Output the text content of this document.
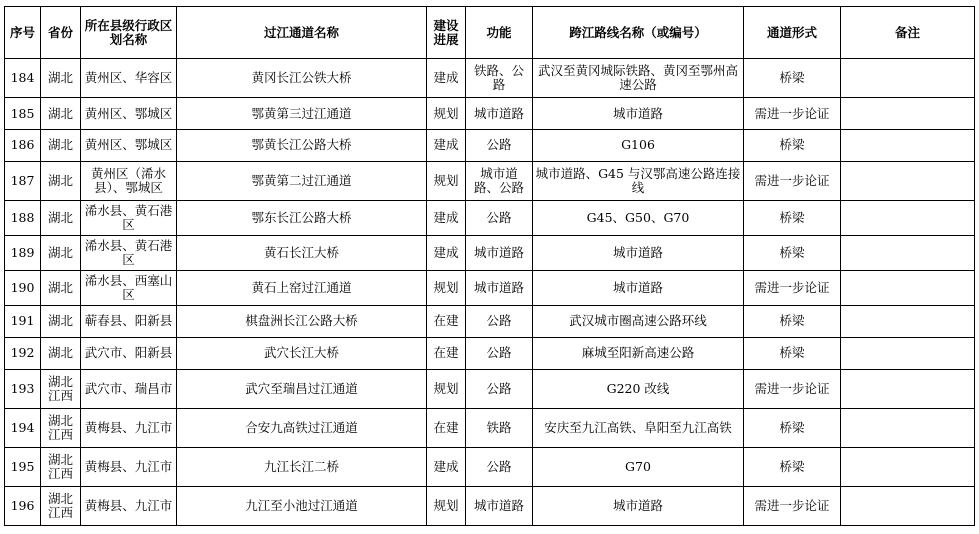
序号	省份	所在县级行政区划名称	过江通道名称	建设进展	功能	跨江路线名称（或编号）	通道形式	备注
184	湖北	黄州区、华容区	黄冈长江公铁大桥	建成	铁路、公路	武汉至黄冈城际铁路、黄冈至鄂州高速公路	桥梁	
185	湖北	黄州区、鄂城区	鄂黄第三过江通道	规划	城市道路	城市道路	需进一步论证	
186	湖北	黄州区、鄂城区	鄂黄长江公路大桥	建成	公路	G106	桥梁	
187	湖北	黄州区（浠水县）、鄂城区	鄂黄第二过江通道	规划	城市道路、公路	城市道路、G45 与汉鄂高速公路连接线	需进一步论证	
188	湖北	浠水县、黄石港区	鄂东长江公路大桥	建成	公路	G45、G50、G70	桥梁	
189	湖北	浠水县、黄石港区	黄石长江大桥	建成	城市道路	城市道路	桥梁	
190	湖北	浠水县、西塞山区	黄石上窑过江通道	规划	城市道路	城市道路	需进一步论证	
191	湖北	蕲春县、阳新县	棋盘洲长江公路大桥	在建	公路	武汉城市圈高速公路环线	桥梁	
192	湖北	武穴市、阳新县	武穴长江大桥	在建	公路	麻城至阳新高速公路	桥梁	
193	湖北江西	武穴市、瑞昌市	武穴至瑞昌过江通道	规划	公路	G220 改线	需进一步论证	
194	湖北江西	黄梅县、九江市	合安九高铁过江通道	在建	铁路	安庆至九江高铁、阜阳至九江高铁	桥梁	
195	湖北江西	黄梅县、九江市	九江长江二桥	建成	公路	G70	桥梁	
196	湖北江西	黄梅县、九江市	九江至小池过江通道	规划	城市道路	城市道路	需进一步论证	
